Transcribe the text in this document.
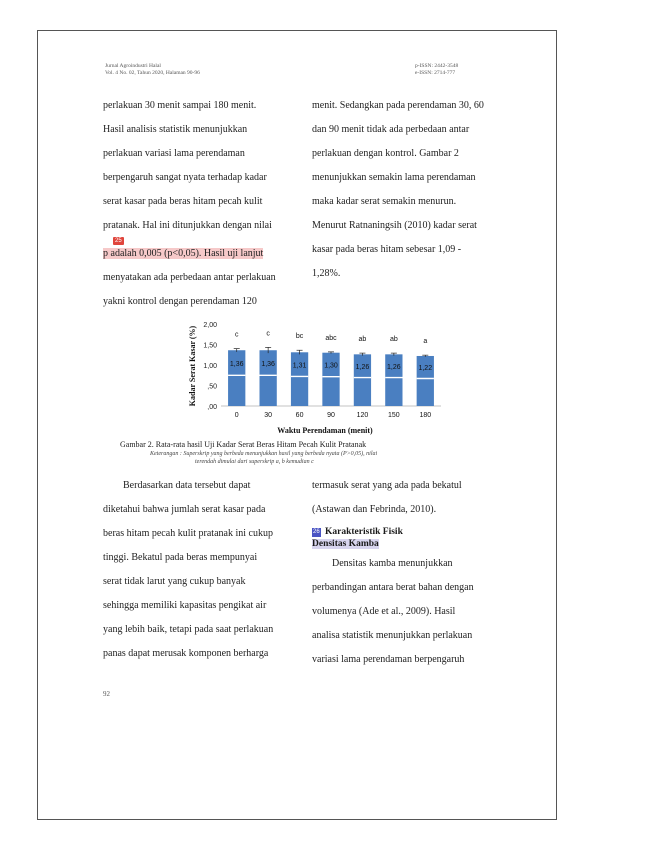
Jurnal Agroindustri Halal
Vol. 4 No. 02, Tahun 2020, Halaman 90-96
p-ISSN: 2442-3548
e-ISSN: 2714-777
perlakuan 30 menit sampai 180 menit.
Hasil analisis statistik menunjukkan
perlakuan variasi lama perendaman
berpengaruh sangat nyata terhadap kadar
serat kasar pada beras hitam pecah kulit
pratanak. Hal ini ditunjukkan dengan nilai
25
p adalah 0,005 (p<0,05). Hasil uji lanjut
menyatakan ada perbedaan antar perlakuan
yakni kontrol dengan perendaman 120
menit. Sedangkan pada perendaman 30, 60
dan 90 menit tidak ada perbedaan antar
perlakuan dengan kontrol. Gambar 2
menunjukkan semakin lama perendaman
maka kadar serat semakin menurun.
Menurut Ratnaningsih (2010) kadar serat
kasar pada beras hitam sebesar 1,09 -
1,28%.
Kadar Serat Kasar (%)
Waktu Perendaman (menit)
2,00
1,50
1,00
,50
,00
1,36
c
0
1,36
c
30
1,31
bc
60
1,30
abc
90
1,26
ab
120
1,26
ab
150
1,22
a
180
Gambar 2. Rata-rata hasil Uji Kadar Serat Beras Hitam Pecah Kulit Pratanak
Keterangan : Superskrip yang berbeda menunjukkan hasil yang berbeda nyata (P>0,05), nilai
terendah dimulai dari superskrip a, b kemudian c
Berdasarkan data tersebut dapat
diketahui bahwa jumlah serat kasar pada
beras hitam pecah kulit pratanak ini cukup
tinggi. Bekatul pada beras mempunyai
serat tidak larut yang cukup banyak
sehingga memiliki kapasitas pengikat air
yang lebih baik, tetapi pada saat perlakuan
panas dapat merusak komponen berharga
termasuk serat yang ada pada bekatul
(Astawan dan Febrinda, 2010).
26 Karakteristik Fisik
Densitas Kamba
Densitas kamba menunjukkan
perbandingan antara berat bahan dengan
volumenya (Ade et al., 2009). Hasil
analisa statistik menunjukkan perlakuan
variasi lama perendaman berpengaruh
92
